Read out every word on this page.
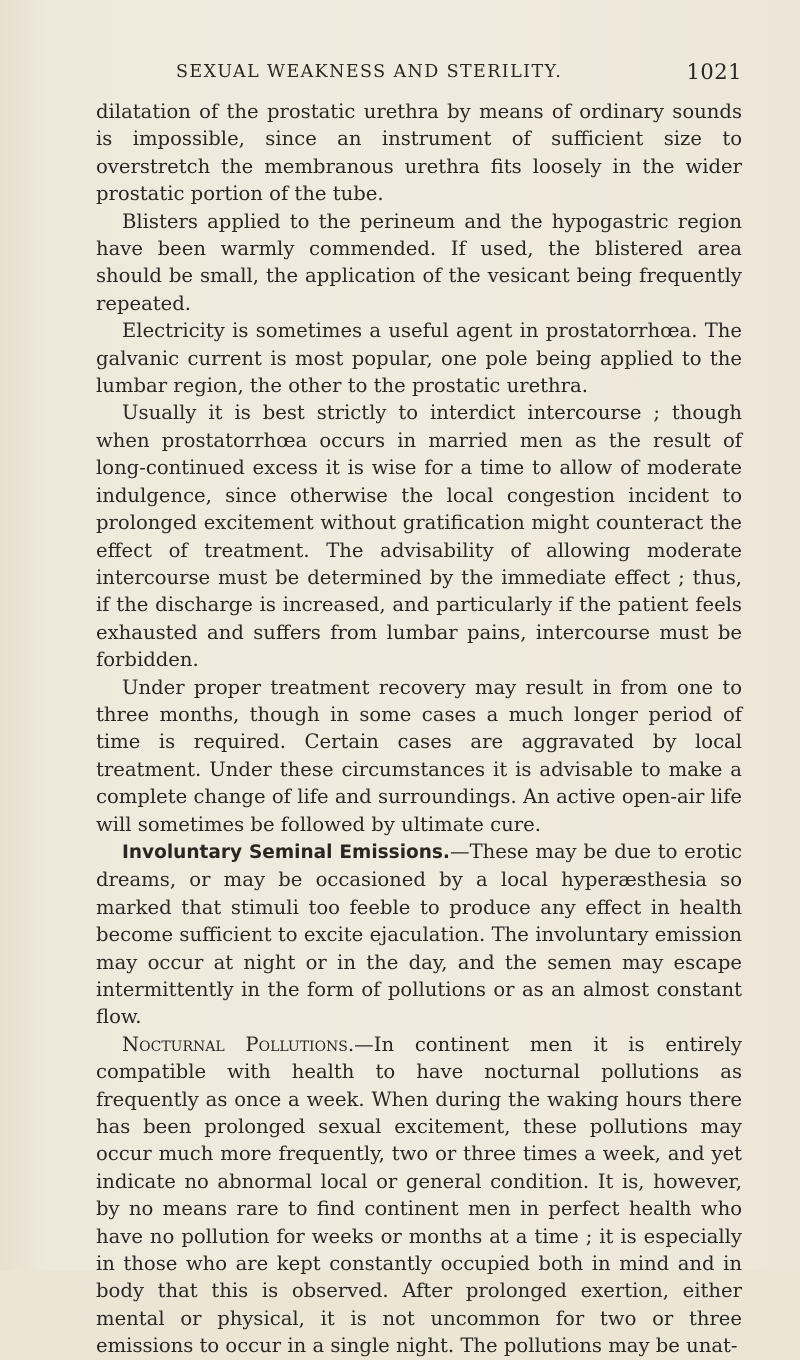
SEXUAL WEAKNESS AND STERILITY.	1021

dilatation of the prostatic urethra by means of ordinary sounds is impossible, since an instrument of sufficient size to overstretch the membranous urethra fits loosely in the wider prostatic portion of the tube.

Blisters applied to the perineum and the hypogastric region have been warmly commended. If used, the blistered area should be small, the application of the vesicant being frequently repeated.

Electricity is sometimes a useful agent in prostatorrhœa. The galvanic current is most popular, one pole being applied to the lumbar region, the other to the prostatic urethra.

Usually it is best strictly to interdict intercourse ; though when prostatorrhœa occurs in married men as the result of long-continued excess it is wise for a time to allow of moderate indulgence, since otherwise the local congestion incident to prolonged excitement without gratification might counteract the effect of treatment. The advisability of allowing moderate intercourse must be determined by the immediate effect ; thus, if the discharge is increased, and particularly if the patient feels exhausted and suffers from lumbar pains, intercourse must be forbidden.

Under proper treatment recovery may result in from one to three months, though in some cases a much longer period of time is required. Certain cases are aggravated by local treatment. Under these circumstances it is advisable to make a complete change of life and surroundings. An active open-air life will sometimes be followed by ultimate cure.

Involuntary Seminal Emissions.—These may be due to erotic dreams, or may be occasioned by a local hyperæsthesia so marked that stimuli too feeble to produce any effect in health become sufficient to excite ejaculation. The involuntary emission may occur at night or in the day, and the semen may escape intermittently in the form of pollutions or as an almost constant flow.

Nocturnal Pollutions.—In continent men it is entirely compatible with health to have nocturnal pollutions as frequently as once a week. When during the waking hours there has been prolonged sexual excitement, these pollutions may occur much more frequently, two or three times a week, and yet indicate no abnormal local or general condition. It is, however, by no means rare to find continent men in perfect health who have no pollution for weeks or months at a time ; it is especially in those who are kept constantly occupied both in mind and in body that this is observed. After prolonged exertion, either mental or physical, it is not uncommon for two or three emissions to occur in a single night. The pollutions may be unat-
